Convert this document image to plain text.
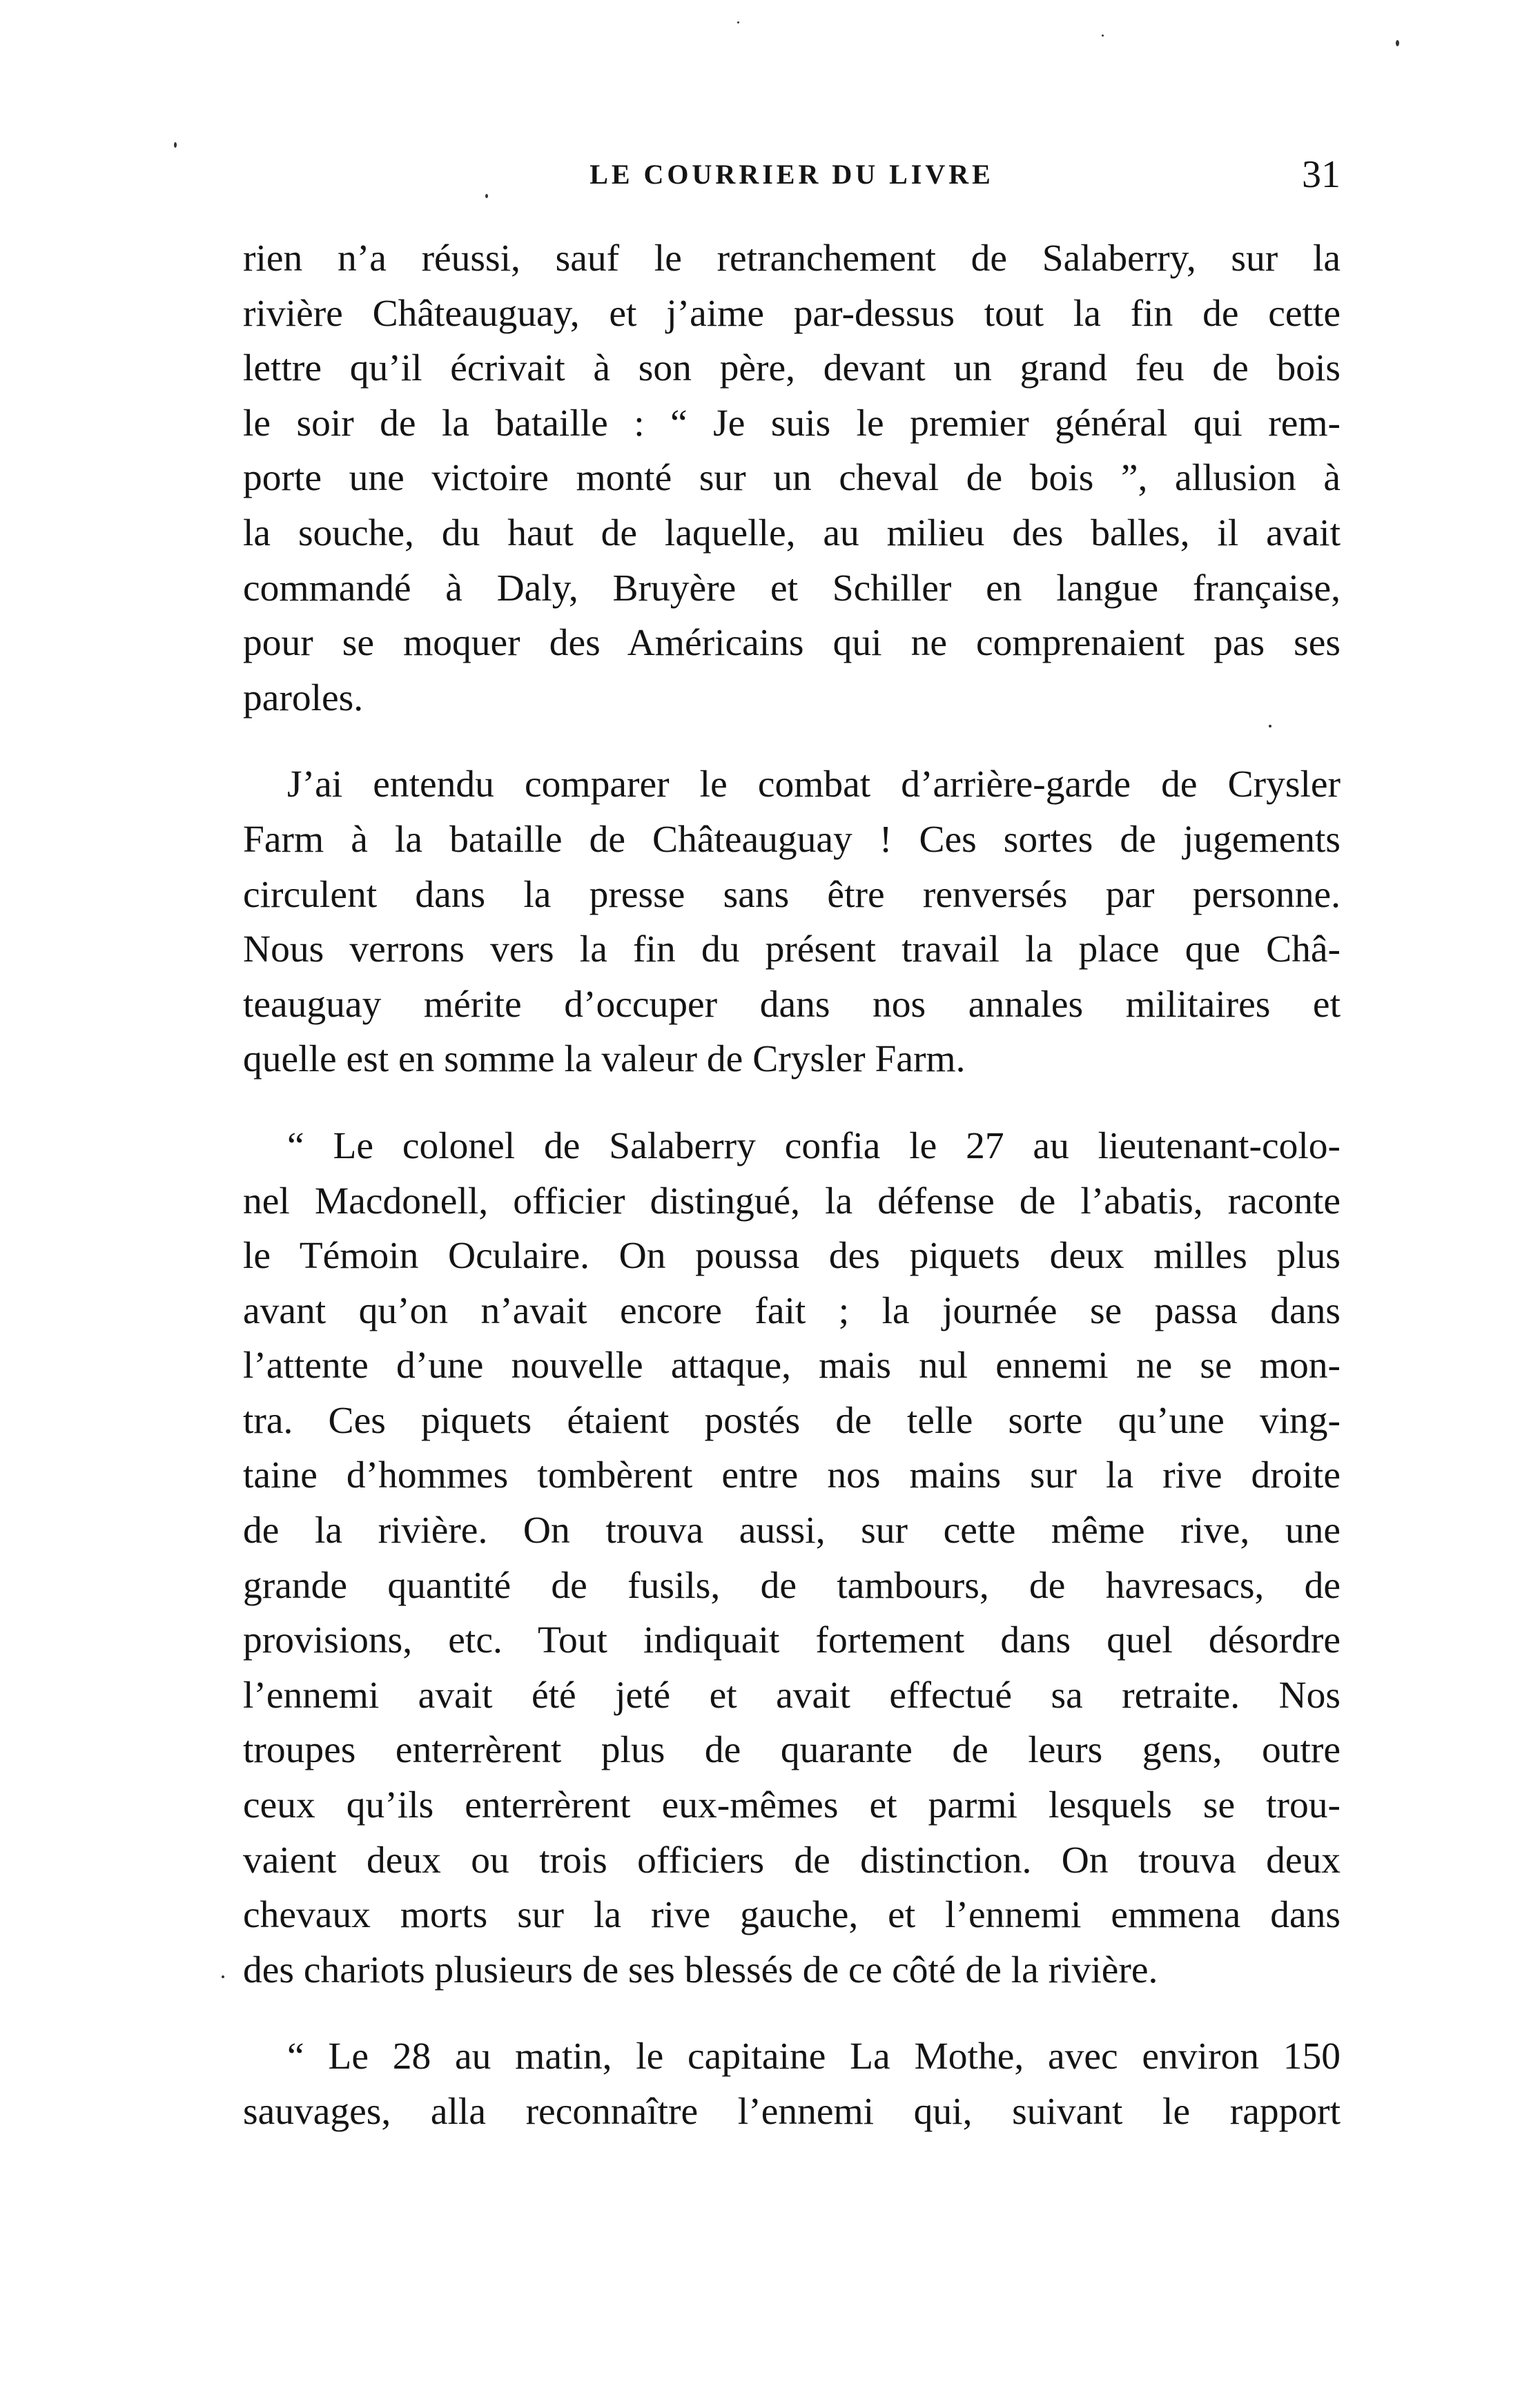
LE COURRIER DU LIVRE	31
rien n’a réussi, sauf le retranchement de Salaberry, sur la
rivière Châteauguay, et j’aime par-dessus tout la fin de cette
lettre qu’il écrivait à son père, devant un grand feu de bois
le soir de la bataille : “ Je suis le premier général qui rem-
porte une victoire monté sur un cheval de bois ”, allusion à
la souche, du haut de laquelle, au milieu des balles, il avait
commandé à Daly, Bruyère et Schiller en langue française,
pour se moquer des Américains qui ne comprenaient pas ses
paroles.
J’ai entendu comparer le combat d’arrière-garde de Crysler
Farm à la bataille de Châteauguay ! Ces sortes de jugements
circulent dans la presse sans être renversés par personne.
Nous verrons vers la fin du présent travail la place que Châ-
teauguay mérite d’occuper dans nos annales militaires et
quelle est en somme la valeur de Crysler Farm.
“ Le colonel de Salaberry confia le 27 au lieutenant-colo-
nel Macdonell, officier distingué, la défense de l’abatis, raconte
le Témoin Oculaire. On poussa des piquets deux milles plus
avant qu’on n’avait encore fait ; la journée se passa dans
l’attente d’une nouvelle attaque, mais nul ennemi ne se mon-
tra. Ces piquets étaient postés de telle sorte qu’une ving-
taine d’hommes tombèrent entre nos mains sur la rive droite
de la rivière. On trouva aussi, sur cette même rive, une
grande quantité de fusils, de tambours, de havresacs, de
provisions, etc. Tout indiquait fortement dans quel désordre
l’ennemi avait été jeté et avait effectué sa retraite. Nos
troupes enterrèrent plus de quarante de leurs gens, outre
ceux qu’ils enterrèrent eux-mêmes et parmi lesquels se trou-
vaient deux ou trois officiers de distinction. On trouva deux
chevaux morts sur la rive gauche, et l’ennemi emmena dans
des chariots plusieurs de ses blessés de ce côté de la rivière.
“ Le 28 au matin, le capitaine La Mothe, avec environ 150
sauvages, alla reconnaître l’ennemi qui, suivant le rapport
